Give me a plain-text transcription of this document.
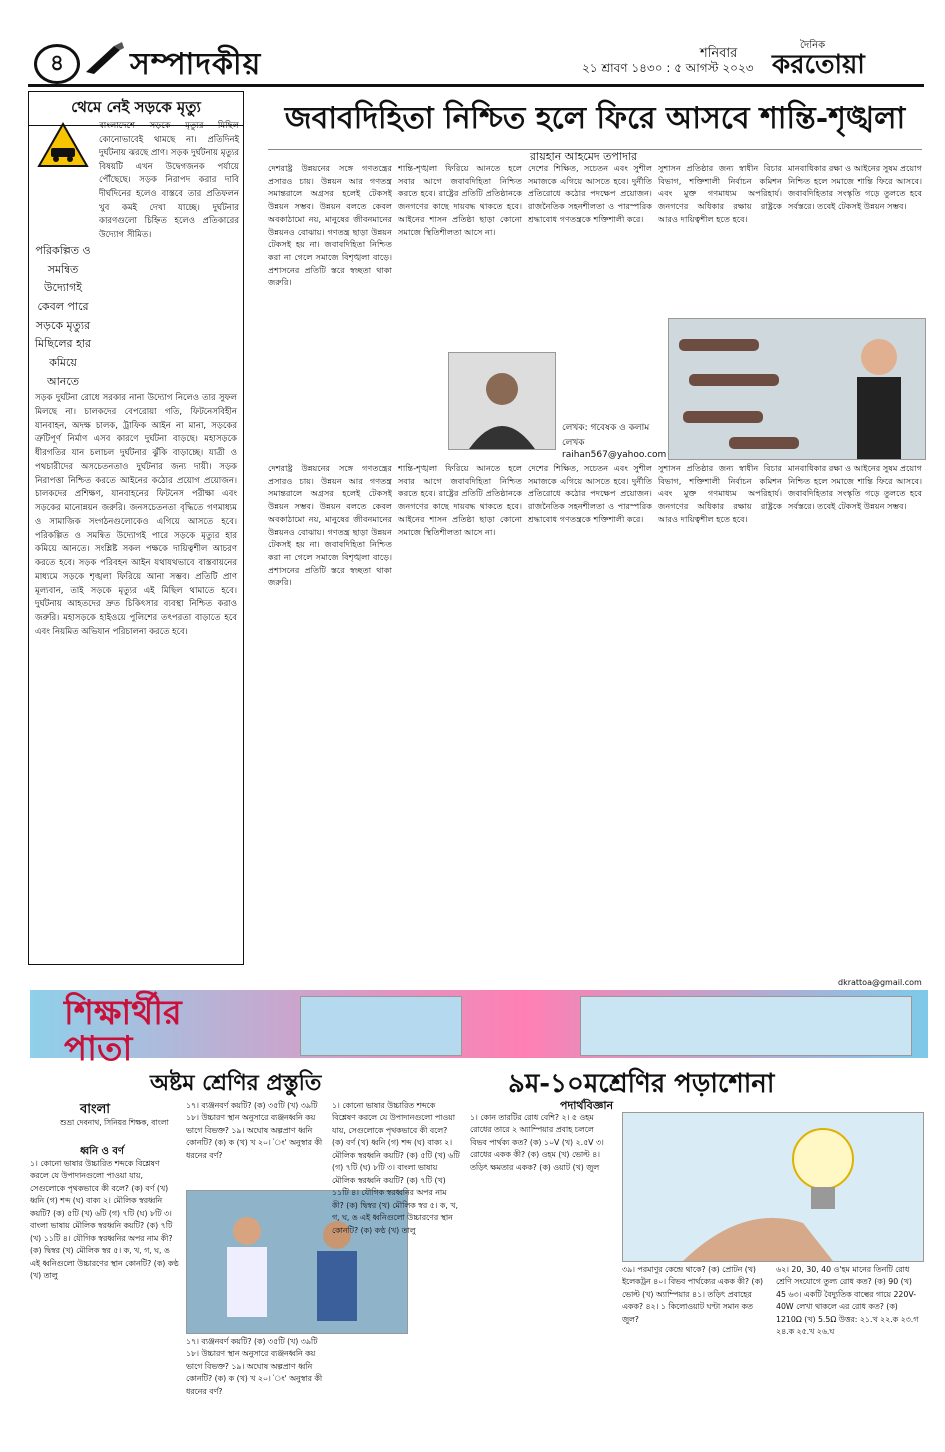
৪	সম্পাদকীয়	শনিবার
২১ শ্রাবণ ১৪৩০ : ৫ আগস্ট ২০২৩
দৈনিক
করতোয়া
থেমে নেই সড়কে মৃত্যু
বাংলাদেশে সড়কে মৃত্যুর মিছিল কোনোভাবেই থামছে না। প্রতিদিনই দুর্ঘটনায় ঝরছে প্রাণ। সড়ক দুর্ঘটনায় মৃত্যুর বিষয়টি এখন উদ্বেগজনক পর্যায়ে পৌঁছেছে। সড়ক নিরাপদ করার দাবি দীর্ঘদিনের হলেও বাস্তবে তার প্রতিফলন খুব কমই দেখা যাচ্ছে। দুর্ঘটনার কারণগুলো চিহ্নিত হলেও প্রতিকারের উদ্যোগ সীমিত।
পরিকল্পিত ও সমন্বিত উদ্যোগই কেবল পারে সড়কে মৃত্যুর মিছিলের হার কমিয়ে আনতে
সড়ক দুর্ঘটনা রোধে সরকার নানা উদ্যোগ নিলেও তার সুফল মিলছে না। চালকদের বেপরোয়া গতি, ফিটনেসবিহীন যানবাহন, অদক্ষ চালক, ট্রাফিক আইন না মানা, সড়কের ত্রুটিপূর্ণ নির্মাণ এসব কারণে দুর্ঘটনা বাড়ছে। মহাসড়কে ধীরগতির যান চলাচল দুর্ঘটনার ঝুঁকি বাড়াচ্ছে। যাত্রী ও পথচারীদের অসচেতনতাও দুর্ঘটনার জন্য দায়ী। সড়ক নিরাপত্তা নিশ্চিত করতে আইনের কঠোর প্রয়োগ প্রয়োজন। চালকদের প্রশিক্ষণ, যানবাহনের ফিটনেস পরীক্ষা এবং সড়কের মানোন্নয়ন জরুরি। জনসচেতনতা বৃদ্ধিতে গণমাধ্যম ও সামাজিক সংগঠনগুলোকেও এগিয়ে আসতে হবে। পরিকল্পিত ও সমন্বিত উদ্যোগই পারে সড়কে মৃত্যুর হার কমিয়ে আনতে। সংশ্লিষ্ট সকল পক্ষকে দায়িত্বশীল আচরণ করতে হবে। সড়ক পরিবহন আইন যথাযথভাবে বাস্তবায়নের মাধ্যমে সড়কে শৃঙ্খলা ফিরিয়ে আনা সম্ভব। প্রতিটি প্রাণ মূল্যবান, তাই সড়কে মৃত্যুর এই মিছিল থামাতে হবে। দুর্ঘটনায় আহতদের দ্রুত চিকিৎসার ব্যবস্থা নিশ্চিত করাও জরুরি। মহাসড়কে হাইওয়ে পুলিশের তৎপরতা বাড়াতে হবে এবং নিয়মিত অভিযান পরিচালনা করতে হবে।
জবাবদিহিতা নিশ্চিত হলে ফিরে আসবে শান্তি-শৃঙ্খলা
রায়হান আহমেদ তপাদার
দেশরাষ্ট্র উন্নয়নের সঙ্গে গণতন্ত্রের প্রসারও চায়। উন্নয়ন আর গণতন্ত্র সমান্তরালে অগ্রসর হলেই টেকসই উন্নয়ন সম্ভব। উন্নয়ন বলতে কেবল অবকাঠামো নয়, মানুষের জীবনমানের উন্নয়নও বোঝায়। গণতন্ত্র ছাড়া উন্নয়ন টেকসই হয় না। জবাবদিহিতা নিশ্চিত করা না গেলে সমাজে বিশৃঙ্খলা বাড়ে। প্রশাসনের প্রতিটি স্তরে স্বচ্ছতা থাকা জরুরি।
শান্তি-শৃঙ্খলা ফিরিয়ে আনতে হলে সবার আগে জবাবদিহিতা নিশ্চিত করতে হবে। রাষ্ট্রের প্রতিটি প্রতিষ্ঠানকে জনগণের কাছে দায়বদ্ধ থাকতে হবে। আইনের শাসন প্রতিষ্ঠা ছাড়া কোনো সমাজে স্থিতিশীলতা আসে না।
দেশের শিক্ষিত, সচেতন এবং সুশীল সমাজকে এগিয়ে আসতে হবে। দুর্নীতি প্রতিরোধে কঠোর পদক্ষেপ প্রয়োজন। রাজনৈতিক সহনশীলতা ও পারস্পরিক শ্রদ্ধাবোধ গণতন্ত্রকে শক্তিশালী করে।
সুশাসন প্রতিষ্ঠার জন্য স্বাধীন বিচার বিভাগ, শক্তিশালী নির্বাচন কমিশন এবং মুক্ত গণমাধ্যম অপরিহার্য। জনগণের অধিকার রক্ষায় রাষ্ট্রকে আরও দায়িত্বশীল হতে হবে।
মানবাধিকার রক্ষা ও আইনের সুষম প্রয়োগ নিশ্চিত হলে সমাজে শান্তি ফিরে আসবে। জবাবদিহিতার সংস্কৃতি গড়ে তুলতে হবে সর্বস্তরে। তবেই টেকসই উন্নয়ন সম্ভব।
লেখক: গবেষক ও কলাম লেখক raihan567@yahoo.com
দেশরাষ্ট্র উন্নয়নের সঙ্গে গণতন্ত্রের প্রসারও চায়। উন্নয়ন আর গণতন্ত্র সমান্তরালে অগ্রসর হলেই টেকসই উন্নয়ন সম্ভব। উন্নয়ন বলতে কেবল অবকাঠামো নয়, মানুষের জীবনমানের উন্নয়নও বোঝায়। গণতন্ত্র ছাড়া উন্নয়ন টেকসই হয় না। জবাবদিহিতা নিশ্চিত করা না গেলে সমাজে বিশৃঙ্খলা বাড়ে। প্রশাসনের প্রতিটি স্তরে স্বচ্ছতা থাকা জরুরি।
শান্তি-শৃঙ্খলা ফিরিয়ে আনতে হলে সবার আগে জবাবদিহিতা নিশ্চিত করতে হবে। রাষ্ট্রের প্রতিটি প্রতিষ্ঠানকে জনগণের কাছে দায়বদ্ধ থাকতে হবে। আইনের শাসন প্রতিষ্ঠা ছাড়া কোনো সমাজে স্থিতিশীলতা আসে না।
দেশের শিক্ষিত, সচেতন এবং সুশীল সমাজকে এগিয়ে আসতে হবে। দুর্নীতি প্রতিরোধে কঠোর পদক্ষেপ প্রয়োজন। রাজনৈতিক সহনশীলতা ও পারস্পরিক শ্রদ্ধাবোধ গণতন্ত্রকে শক্তিশালী করে।
সুশাসন প্রতিষ্ঠার জন্য স্বাধীন বিচার বিভাগ, শক্তিশালী নির্বাচন কমিশন এবং মুক্ত গণমাধ্যম অপরিহার্য। জনগণের অধিকার রক্ষায় রাষ্ট্রকে আরও দায়িত্বশীল হতে হবে।
মানবাধিকার রক্ষা ও আইনের সুষম প্রয়োগ নিশ্চিত হলে সমাজে শান্তি ফিরে আসবে। জবাবদিহিতার সংস্কৃতি গড়ে তুলতে হবে সর্বস্তরে। তবেই টেকসই উন্নয়ন সম্ভব।
dkrattoa@gmail.com
শিক্ষার্থীর পাতা
অষ্টম শ্রেণির প্রস্তুতি	৯ম-১০মশ্রেণির পড়াশোনা
পদার্থবিজ্ঞান
বাংলা
শুভ্রা দেবনাথ, সিনিয়র শিক্ষক, বাংলা
ধ্বনি ও বর্ণ
১। কোনো ভাষার উচ্চারিত শব্দকে বিশ্লেষণ করলে যে উপাদানগুলো পাওয়া যায়, সেগুলোকে পৃথকভাবে কী বলে? (ক) বর্ণ (খ) ধ্বনি (গ) শব্দ (ঘ) বাক্য ২। মৌলিক স্বরধ্বনি কয়টি? (ক) ৫টি (খ) ৬টি (গ) ৭টি (ঘ) ৮টি ৩। বাংলা ভাষায় মৌলিক স্বরধ্বনি কয়টি? (ক) ৭টি (খ) ১১টি ৪। যৌগিক স্বরধ্বনির অপর নাম কী? (ক) দ্বিস্বর (খ) মৌলিক স্বর ৫। ক, খ, গ, ঘ, ঙ এই ধ্বনিগুলো উচ্চারণের স্থান কোনটি? (ক) কণ্ঠ (খ) তালু
১৭। ব্যঞ্জনবর্ণ কয়টি? (ক) ৩৫টি (খ) ৩৯টি ১৮। উচ্চারণ স্থান অনুসারে ব্যঞ্জনধ্বনি কয় ভাগে বিভক্ত? ১৯। অঘোষ অল্পপ্রাণ ধ্বনি কোনটি? (ক) ক (খ) খ ২০। 'ং' অনুস্বার কী ধরনের বর্ণ?
১৭। ব্যঞ্জনবর্ণ কয়টি? (ক) ৩৫টি (খ) ৩৯টি ১৮। উচ্চারণ স্থান অনুসারে ব্যঞ্জনধ্বনি কয় ভাগে বিভক্ত? ১৯। অঘোষ অল্পপ্রাণ ধ্বনি কোনটি? (ক) ক (খ) খ ২০। 'ং' অনুস্বার কী ধরনের বর্ণ?
১। কোনো ভাষার উচ্চারিত শব্দকে বিশ্লেষণ করলে যে উপাদানগুলো পাওয়া যায়, সেগুলোকে পৃথকভাবে কী বলে? (ক) বর্ণ (খ) ধ্বনি (গ) শব্দ (ঘ) বাক্য ২। মৌলিক স্বরধ্বনি কয়টি? (ক) ৫টি (খ) ৬টি (গ) ৭টি (ঘ) ৮টি ৩। বাংলা ভাষায় মৌলিক স্বরধ্বনি কয়টি? (ক) ৭টি (খ) ১১টি ৪। যৌগিক স্বরধ্বনির অপর নাম কী? (ক) দ্বিস্বর (খ) মৌলিক স্বর ৫। ক, খ, গ, ঘ, ঙ এই ধ্বনিগুলো উচ্চারণের স্থান কোনটি? (ক) কণ্ঠ (খ) তালু
১। কোন তারটির রোধ বেশি? ২। ৫ ওহম রোধের তারে ২ অ্যাম্পিয়ার প্রবাহ চললে বিভব পার্থক্য কত? (ক) ১০V (খ) ২.৫V ৩। রোধের একক কী? (ক) ওহম (খ) ভোল্ট ৪। তড়িৎ ক্ষমতার একক? (ক) ওয়াট (খ) জুল
৩৯। পরমাণুর কেন্দ্রে থাকে? (ক) প্রোটন (খ) ইলেকট্রন ৪০। বিভব পার্থক্যের একক কী? (ক) ভোল্ট (খ) অ্যাম্পিয়ার ৪১। তড়িৎ প্রবাহের একক? ৪২। ১ কিলোওয়াট ঘণ্টা সমান কত জুল?
৬২। 20, 30, 40 ও'হম মানের তিনটি রোধ শ্রেণি সংযোগে তুল্য রোধ কত? (ক) 90 (খ) 45 ৬৩। একটি বৈদ্যুতিক বাল্বের গায়ে 220V-40W লেখা থাকলে এর রোধ কত? (ক) 1210Ω (খ) 5.5Ω উত্তর: ২১.খ ২২.ক ২৩.গ ২৪.ক ২৫.খ ২৬.ঘ
